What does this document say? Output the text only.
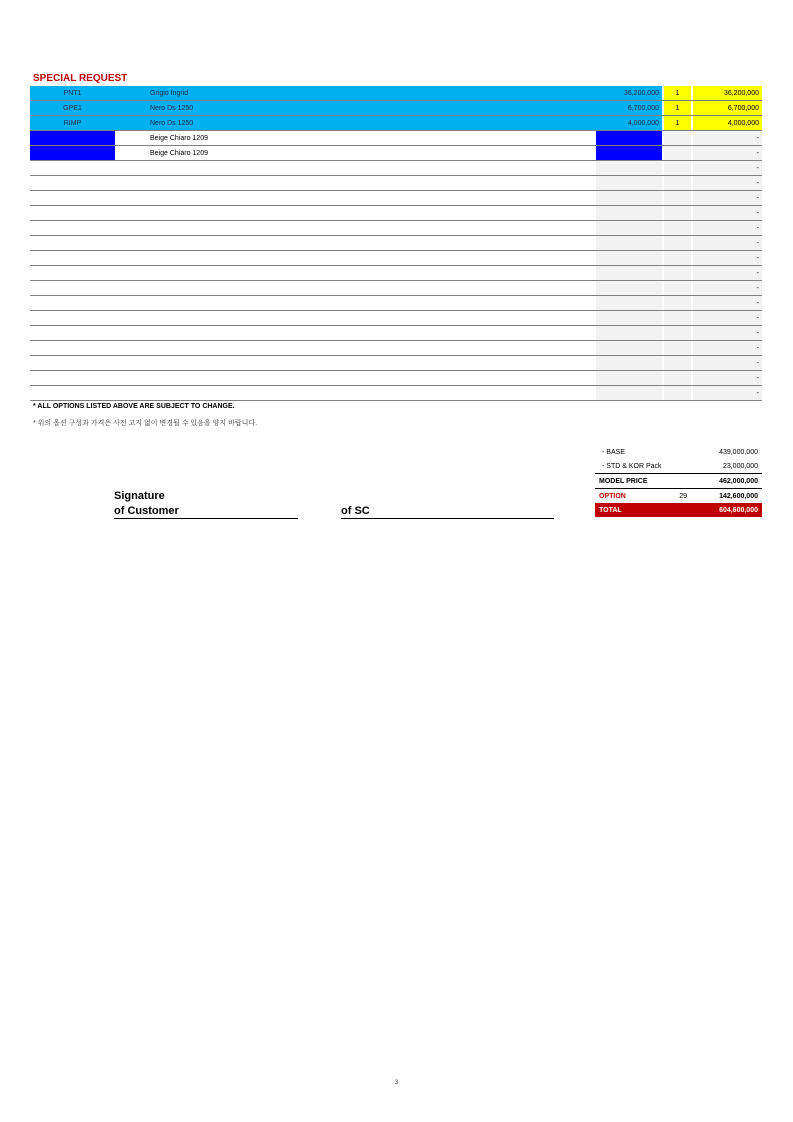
SPECIAL REQUEST
PNT1		Grigio Ingrid		36,200,000		1		36,200,000
GPE1		Nero Ds 1250		6,700,000		1		6,700,000
RIMP		Nero Ds 1250		4,000,000		1		4,000,000
		Beige Chiaro 1209						-
		Beige Chiaro 1209						-
								-
								-
								-
								-
								-
								-
								-
								-
								-
								-
								-
								-
								-
								-
								-
								-
* ALL OPTIONS LISTED ABOVE ARE SUBJECT TO CHANGE.
* 위의 옵션 구성과 가격은 사전 고지 없이 변경될 수 있음을 양지 바랍니다.
Signature
of Customer	of SC
- BASE		439,000,000
- STD & KOR Pack		23,000,000
MODEL PRICE		462,000,000
OPTION	29	142,600,000
TOTAL		604,600,000
3
